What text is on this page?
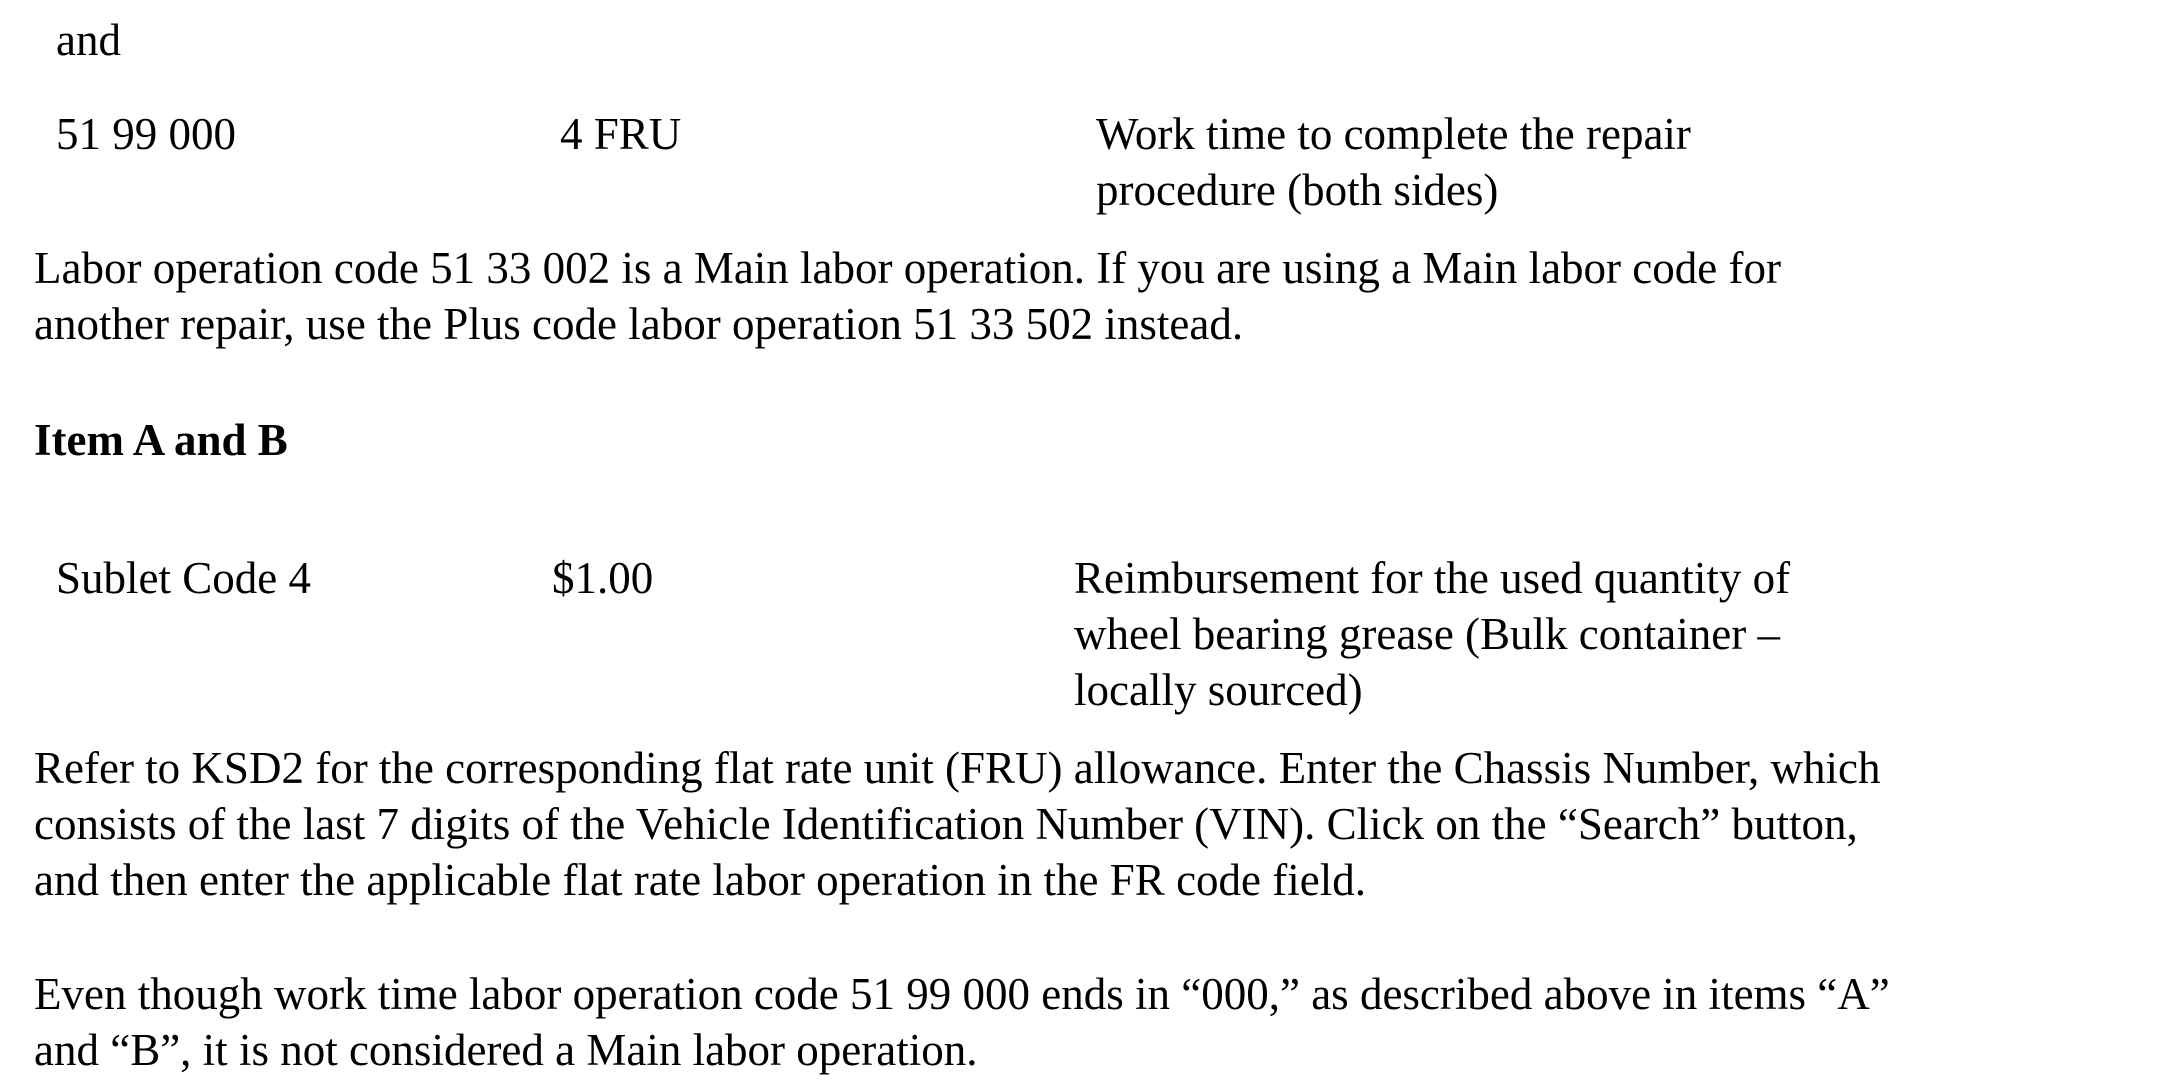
and
51 99 000	4 FRU	Work time to complete the repair
procedure (both sides)
Labor operation code 51 33 002 is a Main labor operation. If you are using a Main labor code for
another repair, use the Plus code labor operation 51 33 502 instead.
Item A and B
Sublet Code 4	$1.00	Reimbursement for the used quantity of
wheel bearing grease (Bulk container –
locally sourced)
Refer to KSD2 for the corresponding flat rate unit (FRU) allowance. Enter the Chassis Number, which
consists of the last 7 digits of the Vehicle Identification Number (VIN). Click on the “Search” button,
and then enter the applicable flat rate labor operation in the FR code field.
Even though work time labor operation code 51 99 000 ends in “000,” as described above in items “A”
and “B”, it is not considered a Main labor operation.
